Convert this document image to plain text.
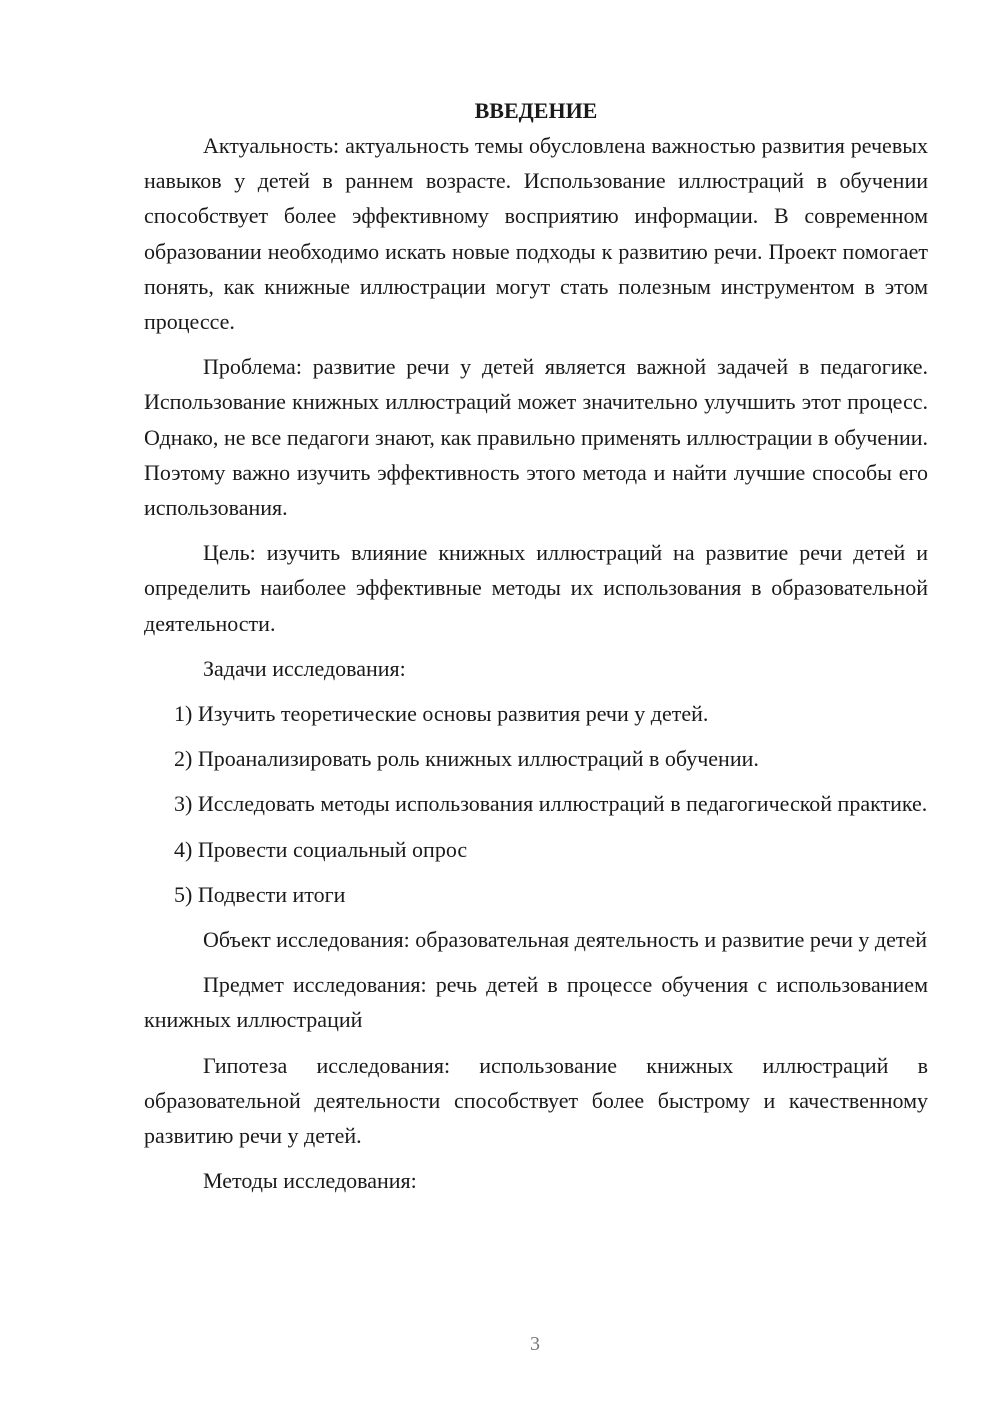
ВВЕДЕНИЕ

Актуальность: актуальность темы обусловлена важностью развития речевых навыков у детей в раннем возрасте. Использование иллюстраций в обучении способствует более эффективному восприятию информации. В современном образовании необходимо искать новые подходы к развитию речи. Проект помогает понять, как книжные иллюстрации могут стать полезным инструментом в этом процессе.

Проблема: развитие речи у детей является важной задачей в педагогике. Использование книжных иллюстраций может значительно улучшить этот процесс. Однако, не все педагоги знают, как правильно применять иллюстрации в обучении. Поэтому важно изучить эффективность этого метода и найти лучшие способы его использования.

Цель: изучить влияние книжных иллюстраций на развитие речи детей и определить наиболее эффективные методы их использования в образовательной деятельности.

Задачи исследования:

1) Изучить теоретические основы развития речи у детей.

2) Проанализировать роль книжных иллюстраций в обучении.

3) Исследовать методы использования иллюстраций в педагогической практике.

4) Провести социальный опрос

5) Подвести итоги

Объект исследования: образовательная деятельность и развитие речи у детей

Предмет исследования: речь детей в процессе обучения с использованием книжных иллюстраций

Гипотеза исследования: использование книжных иллюстраций в образовательной деятельности способствует более быстрому и качественному развитию речи у детей.

Методы исследования:

3
